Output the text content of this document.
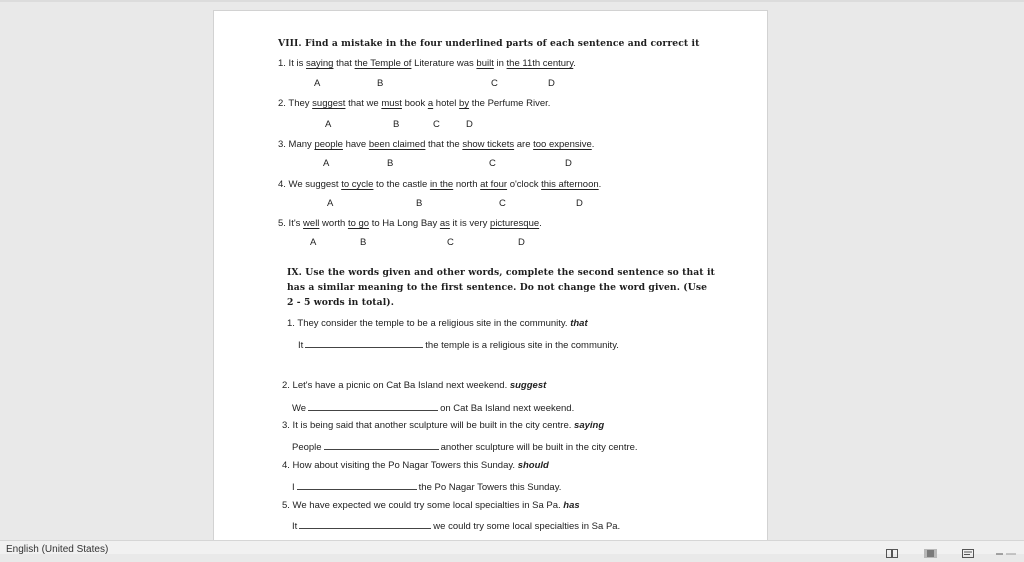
VIII. Find a mistake in the four underlined parts of each sentence and correct it
1. It is saying that the Temple of Literature was built in the 11th century.
A	B	C	D
2. They suggest that we must book a hotel by the Perfume River.
A	B	C	D
3. Many people have been claimed that the show tickets are too expensive.
A	B	C	D
4. We suggest to cycle to the castle in the north at four o'clock this afternoon.
A	B	C	D
5. It's well worth to go to Ha Long Bay as it is very picturesque.
A	B	C	D
IX. Use the words given and other words, complete the second sentence so that it
has a similar meaning to the first sentence. Do not change the word given. (Use
2 - 5 words in total).
1. They consider the temple to be a religious site in the community. that
It	the temple is a religious site in the community.
2. Let's have a picnic on Cat Ba Island next weekend. suggest
We	on Cat Ba Island next weekend.
3. It is being said that another sculpture will be built in the city centre. saying
People	another sculpture will be built in the city centre.
4. How about visiting the Po Nagar Towers this Sunday. should
I	the Po Nagar Towers this Sunday.
5. We have expected we could try some local specialties in Sa Pa. has
It	we could try some local specialties in Sa Pa.
English (United States)
